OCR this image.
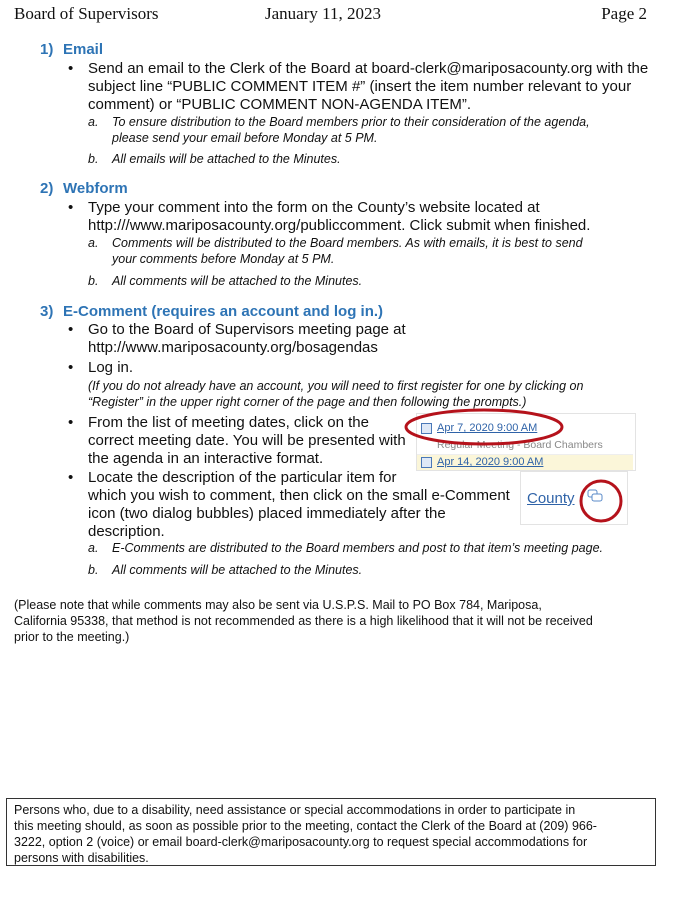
Board of Supervisors	January 11, 2023	Page 2
1) Email
• Send an email to the Clerk of the Board at board-clerk@mariposacounty.org with the
subject line “PUBLIC COMMENT ITEM #” (insert the item number relevant to your
comment) or “PUBLIC COMMENT NON-AGENDA ITEM”.
a. To ensure distribution to the Board members prior to their consideration of the agenda,
please send your email before Monday at 5 PM.
b. All emails will be attached to the Minutes.
2) Webform
• Type your comment into the form on the County’s website located at
http:///www.mariposacounty.org/publiccomment. Click submit when finished.
a. Comments will be distributed to the Board members. As with emails, it is best to send
your comments before Monday at 5 PM.
b. All comments will be attached to the Minutes.
3) E-Comment (requires an account and log in.)
• Go to the Board of Supervisors meeting page at
http://www.mariposacounty.org/bosagendas
• Log in.
(If you do not already have an account, you will need to first register for one by clicking on
“Register” in the upper right corner of the page and then following the prompts.)
• From the list of meeting dates, click on the
correct meeting date. You will be presented with
the agenda in an interactive format.
• Locate the description of the particular item for
which you wish to comment, then click on the small e-Comment
icon (two dialog bubbles) placed immediately after the
description.
a. E-Comments are distributed to the Board members and post to that item’s meeting page.
b. All comments will be attached to the Minutes.
Apr 7, 2020 9:00 AM
Regular Meeting - Board Chambers
Apr 14, 2020 9:00 AM
County
(Please note that while comments may also be sent via U.S.P.S. Mail to PO Box 784, Mariposa,
California 95338, that method is not recommended as there is a high likelihood that it will not be received
prior to the meeting.)
Persons who, due to a disability, need assistance or special accommodations in order to participate in
this meeting should, as soon as possible prior to the meeting, contact the Clerk of the Board at (209) 966-
3222, option 2 (voice) or email board-clerk@mariposacounty.org to request special accommodations for
persons with disabilities.
